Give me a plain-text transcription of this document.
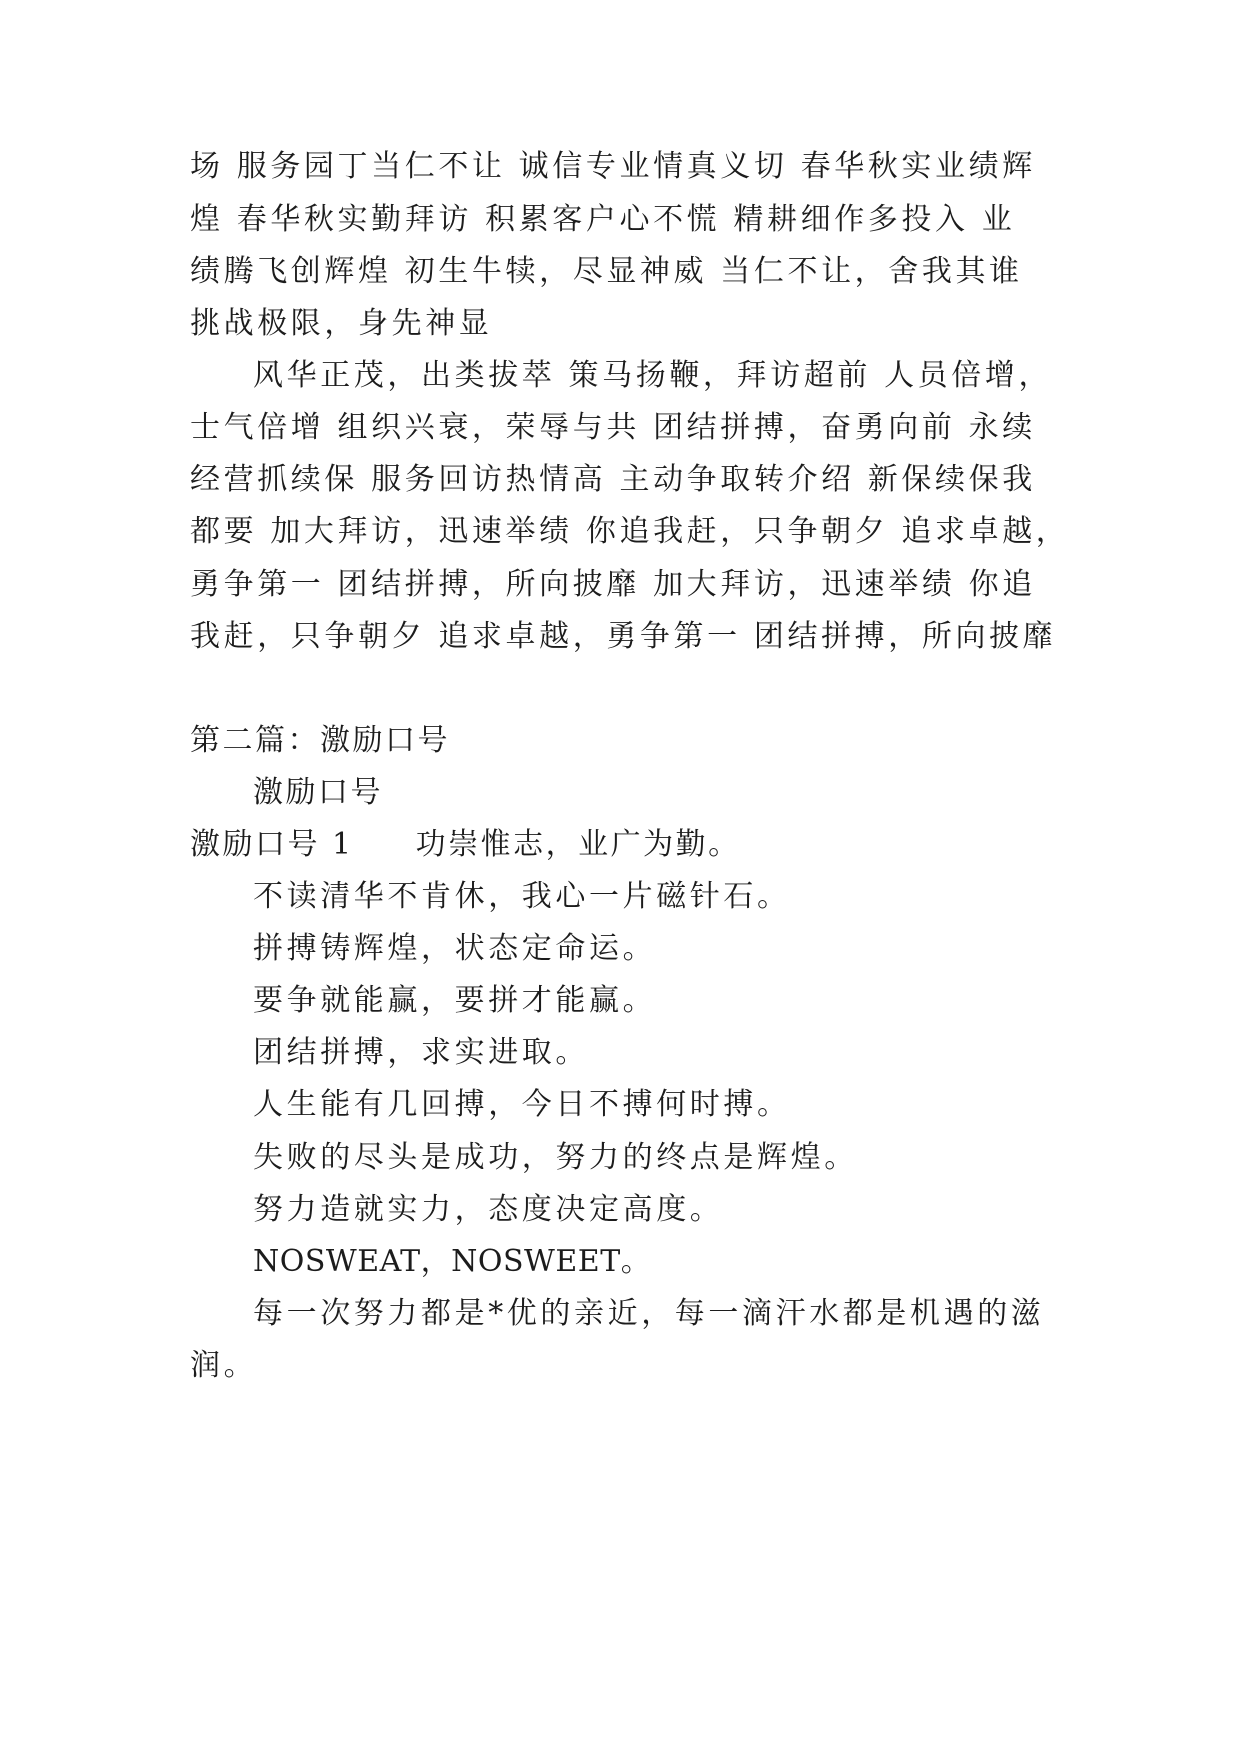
场 服务园丁当仁不让 诚信专业情真义切 春华秋实业绩辉

煌 春华秋实勤拜访 积累客户心不慌 精耕细作多投入 业

绩腾飞创辉煌 初生牛犊，尽显神威 当仁不让，舍我其谁

挑战极限，身先神显

风华正茂，出类拔萃 策马扬鞭，拜访超前 人员倍增，

士气倍增 组织兴衰，荣辱与共 团结拼搏，奋勇向前 永续

经营抓续保 服务回访热情高 主动争取转介绍 新保续保我

都要 加大拜访，迅速举绩 你追我赶，只争朝夕 追求卓越，

勇争第一 团结拼搏，所向披靡 加大拜访，迅速举绩 你追

我赶，只争朝夕 追求卓越，勇争第一 团结拼搏，所向披靡

第二篇：激励口号

激励口号

激励口号 1 功崇惟志，业广为勤。

不读清华不肯休，我心一片磁针石。

拼搏铸辉煌，状态定命运。

要争就能赢，要拼才能赢。

团结拼搏，求实进取。

人生能有几回搏，今日不搏何时搏。

失败的尽头是成功，努力的终点是辉煌。

努力造就实力，态度决定高度。

NOSWEAT，NOSWEET。

每一次努力都是*优的亲近，每一滴汗水都是机遇的滋

润。
